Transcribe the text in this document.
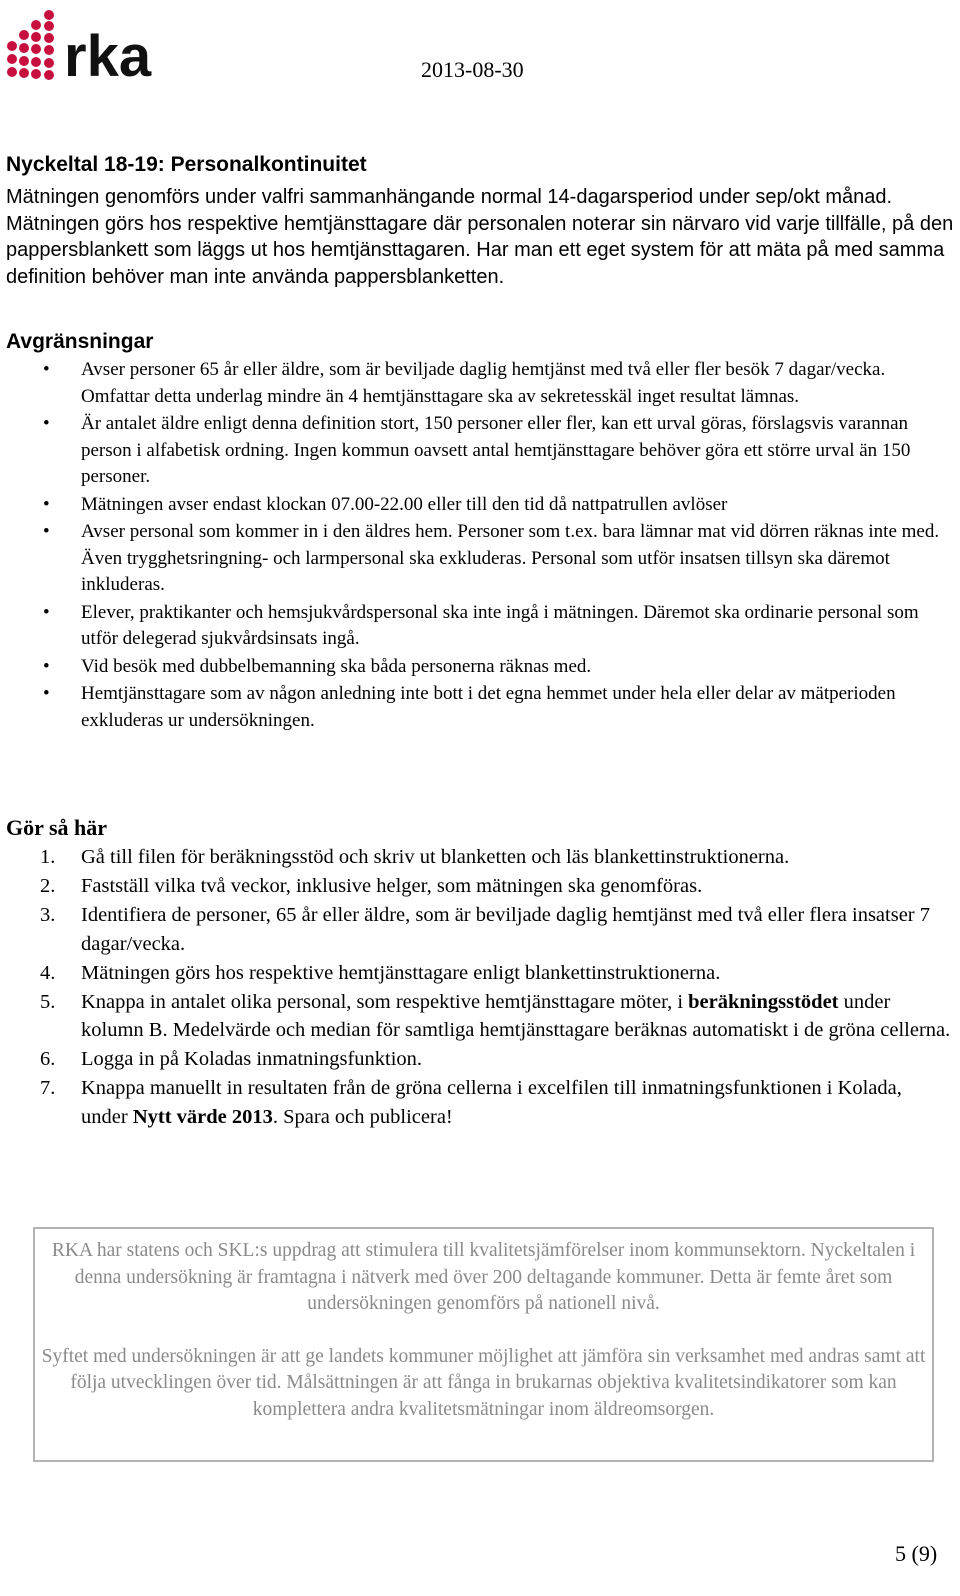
rka	2013-08-30
Nyckeltal 18-19: Personalkontinuitet

Mätningen genomförs under valfri sammanhängande normal 14-dagarsperiod under sep/okt månad. Mätningen görs hos respektive hemtjänsttagare där personalen noterar sin närvaro vid varje tillfälle, på den pappersblankett som läggs ut hos hemtjänsttagaren. Har man ett eget system för att mäta på med samma definition behöver man inte använda pappersblanketten.

Avgränsningar
• Avser personer 65 år eller äldre, som är beviljade daglig hemtjänst med två eller fler besök 7 dagar/vecka. Omfattar detta underlag mindre än 4 hemtjänsttagare ska av sekretesskäl inget resultat lämnas.
• Är antalet äldre enligt denna definition stort, 150 personer eller fler, kan ett urval göras, förslagsvis varannan person i alfabetisk ordning. Ingen kommun oavsett antal hemtjänsttagare behöver göra ett större urval än 150 personer.
• Mätningen avser endast klockan 07.00-22.00 eller till den tid då nattpatrullen avlöser
• Avser personal som kommer in i den äldres hem. Personer som t.ex. bara lämnar mat vid dörren räknas inte med. Även trygghetsringning- och larmpersonal ska exkluderas. Personal som utför insatsen tillsyn ska däremot inkluderas.
• Elever, praktikanter och hemsjukvårdspersonal ska inte ingå i mätningen. Däremot ska ordinarie personal som utför delegerad sjukvårdsinsats ingå.
• Vid besök med dubbelbemanning ska båda personerna räknas med.
• Hemtjänsttagare som av någon anledning inte bott i det egna hemmet under hela eller delar av mätperioden exkluderas ur undersökningen.
Gör så här
1. Gå till filen för beräkningsstöd och skriv ut blanketten och läs blankettinstruktionerna.
2. Fastställ vilka två veckor, inklusive helger, som mätningen ska genomföras.
3. Identifiera de personer, 65 år eller äldre, som är beviljade daglig hemtjänst med två eller flera insatser 7 dagar/vecka.
4. Mätningen görs hos respektive hemtjänsttagare enligt blankettinstruktionerna.
5. Knappa in antalet olika personal, som respektive hemtjänsttagare möter, i beräkningsstödet under kolumn B. Medelvärde och median för samtliga hemtjänsttagare beräknas automatiskt i de gröna cellerna.
6. Logga in på Koladas inmatningsfunktion.
7. Knappa manuellt in resultaten från de gröna cellerna i excelfilen till inmatningsfunktionen i Kolada, under Nytt värde 2013. Spara och publicera!

RKA har statens och SKL:s uppdrag att stimulera till kvalitetsjämförelser inom kommunsektorn. Nyckeltalen i denna undersökning är framtagna i nätverk med över 200 deltagande kommuner. Detta är femte året som undersökningen genomförs på nationell nivå.

Syftet med undersökningen är att ge landets kommuner möjlighet att jämföra sin verksamhet med andras samt att följa utvecklingen över tid. Målsättningen är att fånga in brukarnas objektiva kvalitetsindikatorer som kan komplettera andra kvalitetsmätningar inom äldreomsorgen.

5 (9)
